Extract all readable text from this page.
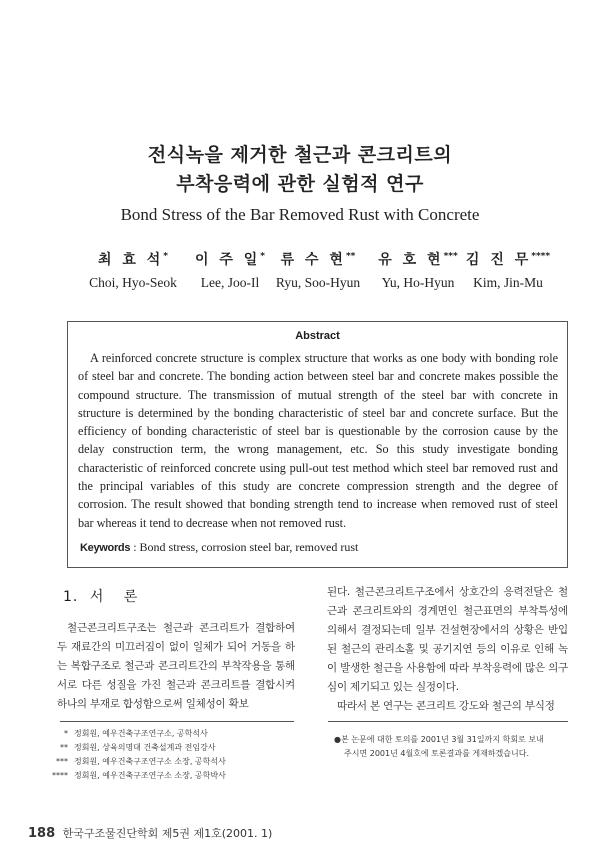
전식녹을 제거한 철근과 콘크리트의
부착응력에 관한 실험적 연구
Bond Stress of the Bar Removed Rust with Concrete
최 효 석*
Choi, Hyo-Seok
이 주 일*
Lee, Joo-Il
류 수 현**
Ryu, Soo-Hyun
유 호 현***
Yu, Ho-Hyun
김 진 무****
Kim, Jin-Mu
Abstract
A reinforced concrete structure is complex structure that works as one body with bonding role of steel bar and concrete. The bonding action between steel bar and concrete makes possible the compound structure. The transmission of mutual strength of the steel bar with concrete in structure is determined by the bonding characteristic of steel bar and concrete surface. But the efficiency of bonding characteristic of steel bar is questionable by the corrosion cause by the delay construction term, the wrong management, etc. So this study investigate bonding characteristic of reinforced concrete using pull-out test method which steel bar removed rust and the principal variables of this study are concrete compression strength and the degree of corrosion. The result showed that bonding strength tend to increase when removed rust of steel bar whereas it tend to decrease when not removed rust.
Keywords : Bond stress, corrosion steel bar, removed rust
1. 서 론

철근콘크리트구조는 철근과 콘크리트가 결합하여 두 재료간의 미끄러짐이 없이 일체가 되어 거동을 하는 복합구조로 철근과 콘크리트간의 부착작용을 통해 서로 다른 성질을 가진 철근과 콘크리트를 결합시켜 하나의 부재로 합성함으로써 일체성이 확보

된다. 철근콘크리트구조에서 상호간의 응력전달은 철근과 콘크리트와의 경계면인 철근표면의 부착특성에 의해서 결정되는데 일부 건설현장에서의 상황은 반입된 철근의 관리소홀 및 공기지연 등의 이유로 인해 녹이 발생한 철근을 사용함에 따라 부착응력에 많은 의구심이 제기되고 있는 실정이다.

따라서 본 연구는 콘크리트 강도와 철근의 부식정

* 정회원, 예우건축구조연구소, 공학석사
** 정회원, 상육의명대 건축설계과 전임강사
*** 정회원, 예우건축구조연구소 소장, 공학석사
**** 정회원, 예우건축구조연구소 소장, 공학박사
●본 논문에 대한 토의를 2001년 3월 31일까지 학회로 보내
주시면 2001년 4월호에 토론결과를 게재하겠습니다.
188 한국구조물진단학회 제5권 제1호(2001. 1)
